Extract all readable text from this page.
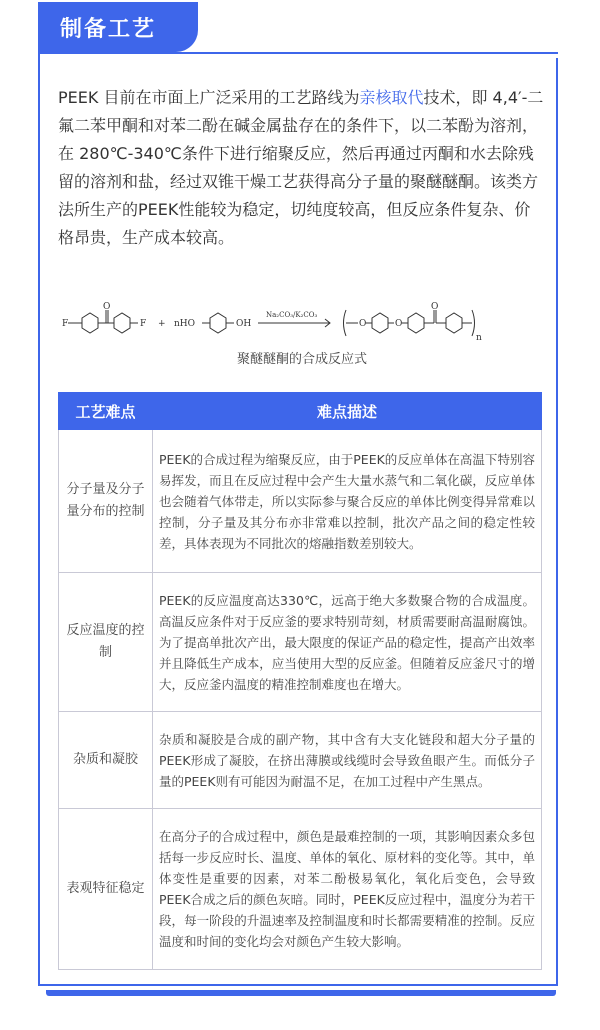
制备工艺
PEEK 目前在市面上广泛采用的工艺路线为亲核取代技术，即 4,4′-二氟二苯甲酮和对苯二酚在碱金属盐存在的条件下，以二苯酚为溶剂，在 280℃-340℃条件下进行缩聚反应，然后再通过丙酮和水去除残留的溶剂和盐，经过双锥干燥工艺获得高分子量的聚醚醚酮。该类方法所生产的PEEK性能较为稳定，切纯度较高，但反应条件复杂、价格昂贵，生产成本较高。
F
O
F + nHO	OH
Na₂CO₃/K₂CO₃
O	O
O
n
聚醚醚酮的合成反应式
工艺难点	难点描述
分子量及分子量分布的控制	PEEK的合成过程为缩聚反应，由于PEEK的反应单体在高温下特别容易挥发，而且在反应过程中会产生大量水蒸气和二氧化碳，反应单体也会随着气体带走，所以实际参与聚合反应的单体比例变得异常难以控制，分子量及其分布亦非常难以控制，批次产品之间的稳定性较差，具体表现为不同批次的熔融指数差别较大。
反应温度的控制	PEEK的反应温度高达330℃，远高于绝大多数聚合物的合成温度。高温反应条件对于反应釜的要求特别苛刻，材质需要耐高温耐腐蚀。为了提高单批次产出，最大限度的保证产品的稳定性，提高产出效率并且降低生产成本，应当使用大型的反应釜。但随着反应釜尺寸的增大，反应釜内温度的精准控制难度也在增大。
杂质和凝胶	杂质和凝胶是合成的副产物，其中含有大支化链段和超大分子量的PEEK形成了凝胶，在挤出薄膜或线缆时会导致鱼眼产生。而低分子量的PEEK则有可能因为耐温不足，在加工过程中产生黑点。
表观特征稳定	在高分子的合成过程中，颜色是最难控制的一项，其影响因素众多包括每一步反应时长、温度、单体的氧化、原材料的变化等。其中，单体变性是重要的因素，对苯二酚极易氧化，氧化后变色，会导致PEEK合成之后的颜色灰暗。同时，PEEK反应过程中，温度分为若干段，每一阶段的升温速率及控制温度和时长都需要精准的控制。反应温度和时间的变化均会对颜色产生较大影响。
